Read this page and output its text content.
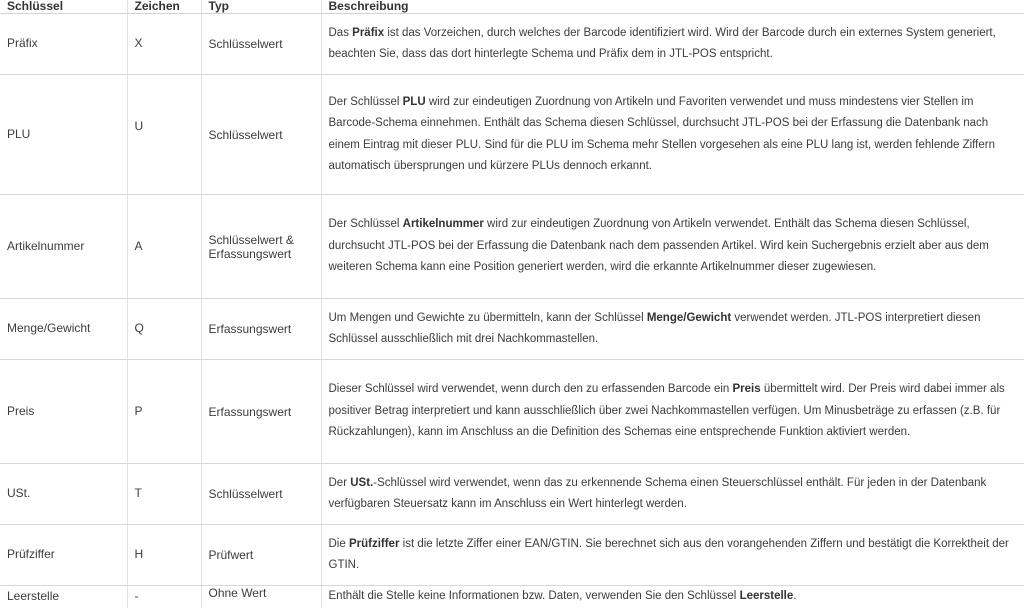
Schlüssel	Zeichen	Typ	Beschreibung
Präfix	X	Schlüsselwert	Das Präfix ist das Vorzeichen, durch welches der Barcode identifiziert wird. Wird der Barcode durch ein externes System generiert, beachten Sie, dass das dort hinterlegte Schema und Präfix dem in JTL-POS entspricht.
PLU	U	Schlüsselwert	Der Schlüssel PLU wird zur eindeutigen Zuordnung von Artikeln und Favoriten verwendet und muss mindestens vier Stellen im Barcode-Schema einnehmen. Enthält das Schema diesen Schlüssel, durchsucht JTL-POS bei der Erfassung die Datenbank nach einem Eintrag mit dieser PLU. Sind für die PLU im Schema mehr Stellen vorgesehen als eine PLU lang ist, werden fehlende Ziffern automatisch übersprungen und kürzere PLUs dennoch erkannt.
Artikelnummer	A	Schlüsselwert & Erfassungswert	Der Schlüssel Artikelnummer wird zur eindeutigen Zuordnung von Artikeln verwendet. Enthält das Schema diesen Schlüssel, durchsucht JTL-POS bei der Erfassung die Datenbank nach dem passenden Artikel. Wird kein Suchergebnis erzielt aber aus dem weiteren Schema kann eine Position generiert werden, wird die erkannte Artikelnummer dieser zugewiesen.
Menge/Gewicht	Q	Erfassungswert	Um Mengen und Gewichte zu übermitteln, kann der Schlüssel Menge/Gewicht verwendet werden. JTL-POS interpretiert diesen Schlüssel ausschließlich mit drei Nachkommastellen.
Preis	P	Erfassungswert	Dieser Schlüssel wird verwendet, wenn durch den zu erfassenden Barcode ein Preis übermittelt wird. Der Preis wird dabei immer als positiver Betrag interpretiert und kann ausschließlich über zwei Nachkommastellen verfügen. Um Minusbeträge zu erfassen (z.B. für Rückzahlungen), kann im Anschluss an die Definition des Schemas eine entsprechende Funktion aktiviert werden.
USt.	T	Schlüsselwert	Der USt.-Schlüssel wird verwendet, wenn das zu erkennende Schema einen Steuerschlüssel enthält. Für jeden in der Datenbank verfügbaren Steuersatz kann im Anschluss ein Wert hinterlegt werden.
Prüfziffer	H	Prüfwert	Die Prüfziffer ist die letzte Ziffer einer EAN/GTIN. Sie berechnet sich aus den vorangehenden Ziffern und bestätigt die Korrektheit der GTIN.
Leerstelle	-	Ohne Wert	Enthält die Stelle keine Informationen bzw. Daten, verwenden Sie den Schlüssel Leerstelle.
